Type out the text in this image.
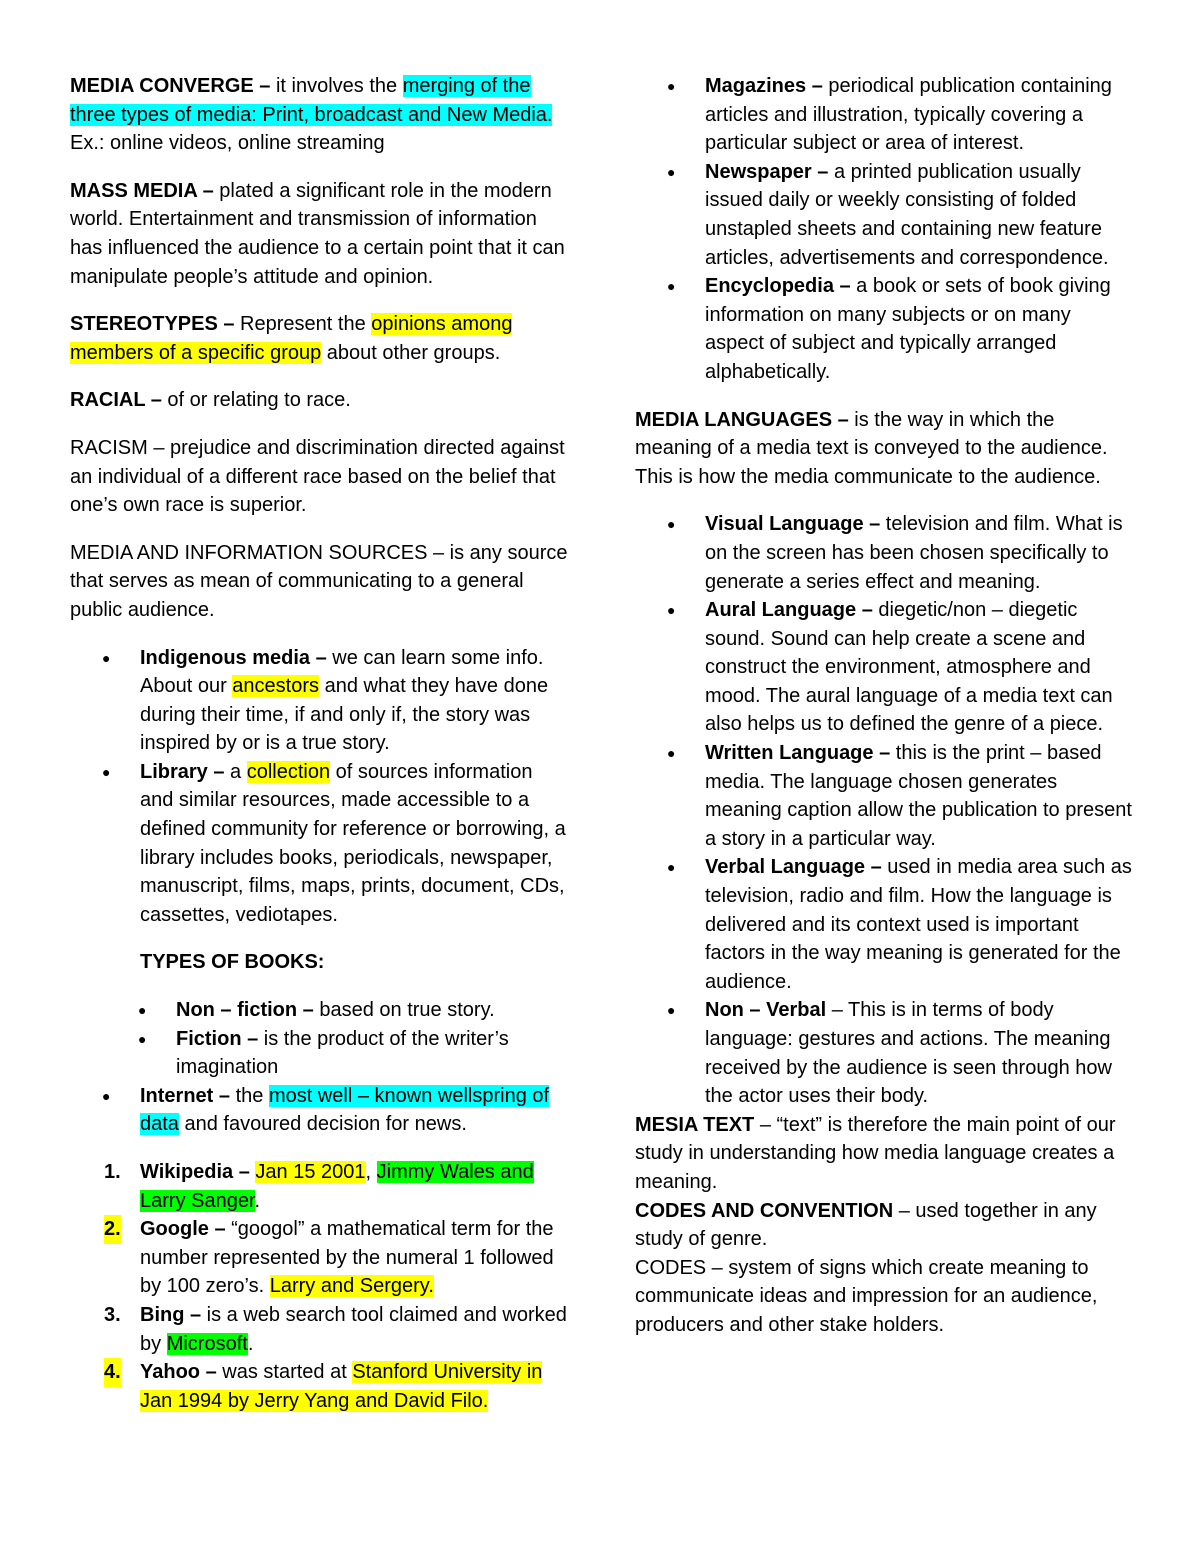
MEDIA CONVERGE – it involves the merging of the three types of media: Print, broadcast and New Media. Ex.: online videos, online streaming

MASS MEDIA – plated a significant role in the modern world. Entertainment and transmission of information has influenced the audience to a certain point that it can manipulate people’s attitude and opinion.

STEREOTYPES – Represent the opinions among members of a specific group about other groups.

RACIAL – of or relating to race.

RACISM – prejudice and discrimination directed against an individual of a different race based on the belief that one’s own race is superior.

MEDIA AND INFORMATION SOURCES – is any source that serves as mean of communicating to a general public audience.

● Indigenous media – we can learn some info. About our ancestors and what they have done during their time, if and only if, the story was inspired by or is a true story.
● Library – a collection of sources information and similar resources, made accessible to a defined community for reference or borrowing, a library includes books, periodicals, newspaper, manuscript, films, maps, prints, document, CDs, cassettes, vediotapes.
TYPES OF BOOKS:
● Non – fiction – based on true story.
● Fiction – is the product of the writer’s imagination
● Internet – the most well – known wellspring of data and favoured decision for news.
1. Wikipedia – Jan 15 2001, Jimmy Wales and Larry Sanger.
2. Google – “googol” a mathematical term for the number represented by the numeral 1 followed by 100 zero’s. Larry and Sergery.
3. Bing – is a web search tool claimed and worked by Microsoft.
4. Yahoo – was started at Stanford University in Jan 1994 by Jerry Yang and David Filo.
● Magazines – periodical publication containing articles and illustration, typically covering a particular subject or area of interest.
● Newspaper – a printed publication usually issued daily or weekly consisting of folded unstapled sheets and containing new feature articles, advertisements and correspondence.
● Encyclopedia – a book or sets of book giving information on many subjects or on many aspect of subject and typically arranged alphabetically.

MEDIA LANGUAGES – is the way in which the meaning of a media text is conveyed to the audience. This is how the media communicate to the audience.

● Visual Language – television and film. What is on the screen has been chosen specifically to generate a series effect and meaning.
● Aural Language – diegetic/non – diegetic sound. Sound can help create a scene and construct the environment, atmosphere and mood. The aural language of a media text can also helps us to defined the genre of a piece.
● Written Language – this is the print – based media. The language chosen generates meaning caption allow the publication to present a story in a particular way.
● Verbal Language – used in media area such as television, radio and film. How the language is delivered and its context used is important factors in the way meaning is generated for the audience.
● Non – Verbal – This is in terms of body language: gestures and actions. The meaning received by the audience is seen through how the actor uses their body.

MESIA TEXT – “text” is therefore the main point of our study in understanding how media language creates a meaning.

CODES AND CONVENTION – used together in any study of genre.

CODES – system of signs which create meaning to communicate ideas and impression for an audience, producers and other stake holders.
